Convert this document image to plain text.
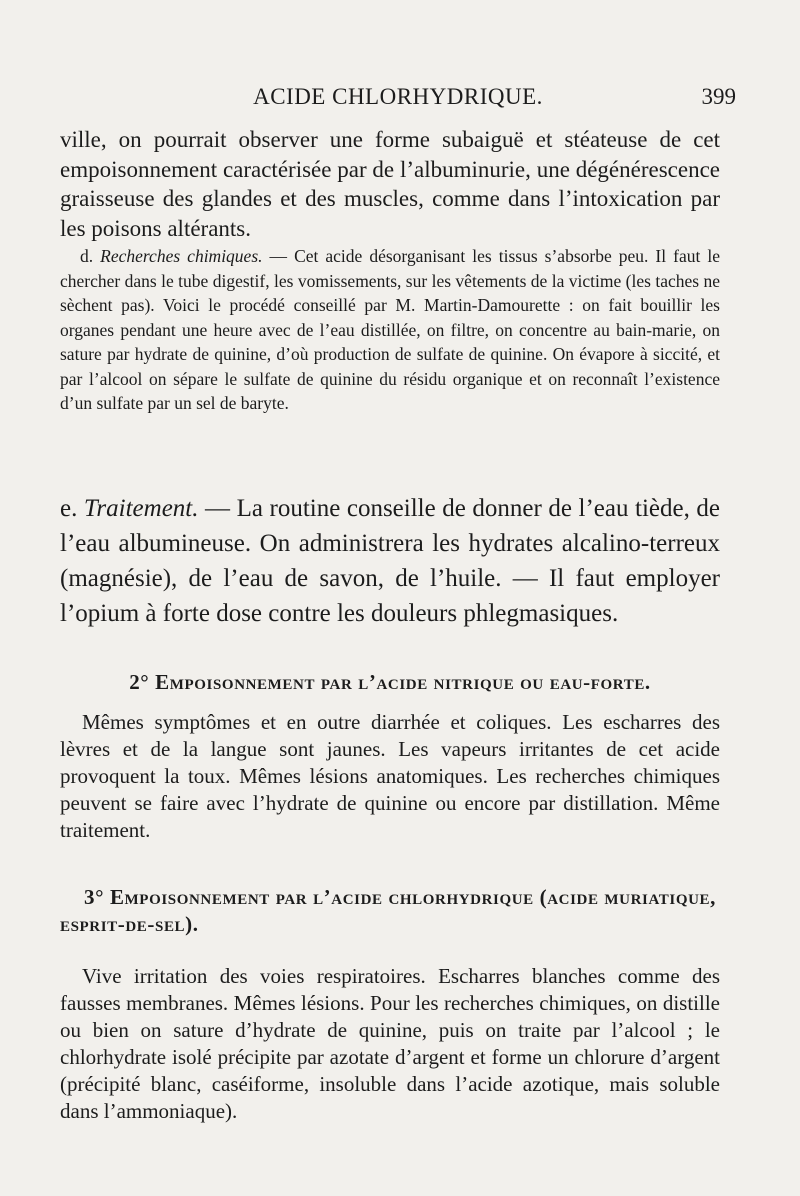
ACIDE CHLORHYDRIQUE.	399

ville, on pourrait observer une forme subaiguë et stéateuse de cet empoisonnement caractérisée par de l’albuminurie, une dégénérescence graisseuse des glandes et des muscles, comme dans l’intoxication par les poisons altérants.

d. Recherches chimiques. — Cet acide désorganisant les tissus s’absorbe peu. Il faut le chercher dans le tube digestif, les vomissements, sur les vêtements de la victime (les taches ne sèchent pas). Voici le procédé conseillé par M. Martin-Damourette : on fait bouillir les organes pendant une heure avec de l’eau distillée, on filtre, on concentre au bain-marie, on sature par hydrate de quinine, d’où production de sulfate de quinine. On évapore à siccité, et par l’alcool on sépare le sulfate de quinine du résidu organique et on reconnaît l’existence d’un sulfate par un sel de baryte.

e. Traitement. — La routine conseille de donner de l’eau tiède, de l’eau albumineuse. On administrera les hydrates alcalino-terreux (magnésie), de l’eau de savon, de l’huile. — Il faut employer l’opium à forte dose contre les douleurs phlegmasiques.

2° Empoisonnement par l’acide nitrique ou eau-forte.

Mêmes symptômes et en outre diarrhée et coliques. Les escharres des lèvres et de la langue sont jaunes. Les vapeurs irritantes de cet acide provoquent la toux. Mêmes lésions anatomiques. Les recherches chimiques peuvent se faire avec l’hydrate de quinine ou encore par distillation. Même traitement.

3° Empoisonnement par l’acide chlorhydrique (acide muriatique, esprit-de-sel).

Vive irritation des voies respiratoires. Escharres blanches comme des fausses membranes. Mêmes lésions. Pour les recherches chimiques, on distille ou bien on sature d’hydrate de quinine, puis on traite par l’alcool ; le chlorhydrate isolé précipite par azotate d’argent et forme un chlorure d’argent (précipité blanc, caséiforme, insoluble dans l’acide azotique, mais soluble dans l’ammoniaque).
